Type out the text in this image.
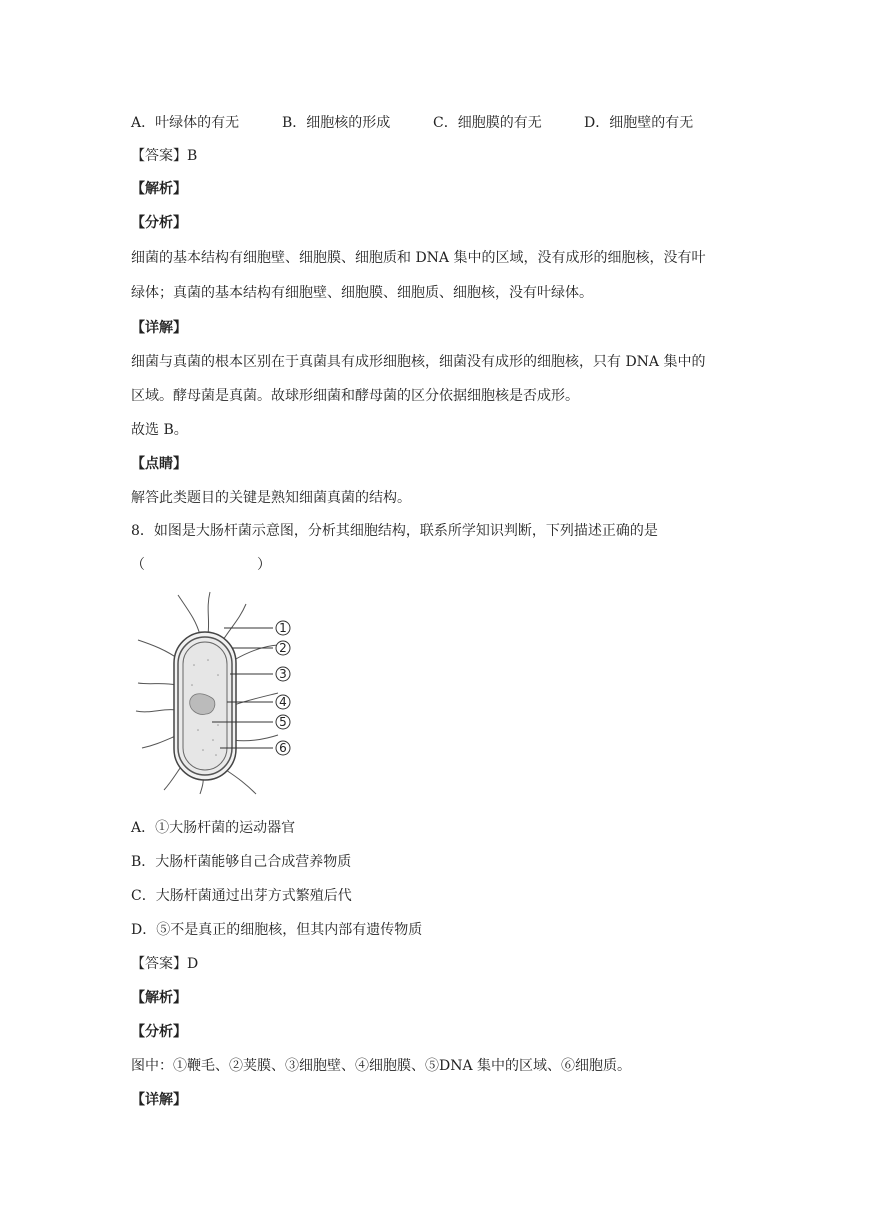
A．叶绿体的有无	B．细胞核的形成	C．细胞膜的有无	D．细胞壁的有无
【答案】B
【解析】
【分析】
细菌的基本结构有细胞壁、细胞膜、细胞质和 DNA 集中的区域，没有成形的细胞核，没有叶
绿体；真菌的基本结构有细胞壁、细胞膜、细胞质、细胞核，没有叶绿体。
【详解】
细菌与真菌的根本区别在于真菌具有成形细胞核，细菌没有成形的细胞核，只有 DNA 集中的
区域。酵母菌是真菌。故球形细菌和酵母菌的区分依据细胞核是否成形。
故选 B。
【点睛】
解答此类题目的关键是熟知细菌真菌的结构。
8．如图是大肠杆菌示意图，分析其细胞结构，联系所学知识判断，下列描述正确的是
（　　　　　　　　）
1
2
3
4
5
6
A．①大肠杆菌的运动器官
B．大肠杆菌能够自己合成营养物质
C．大肠杆菌通过出芽方式繁殖后代
D．⑤不是真正的细胞核，但其内部有遗传物质
【答案】D
【解析】
【分析】
图中：①鞭毛、②荚膜、③细胞壁、④细胞膜、⑤DNA 集中的区域、⑥细胞质。
【详解】
